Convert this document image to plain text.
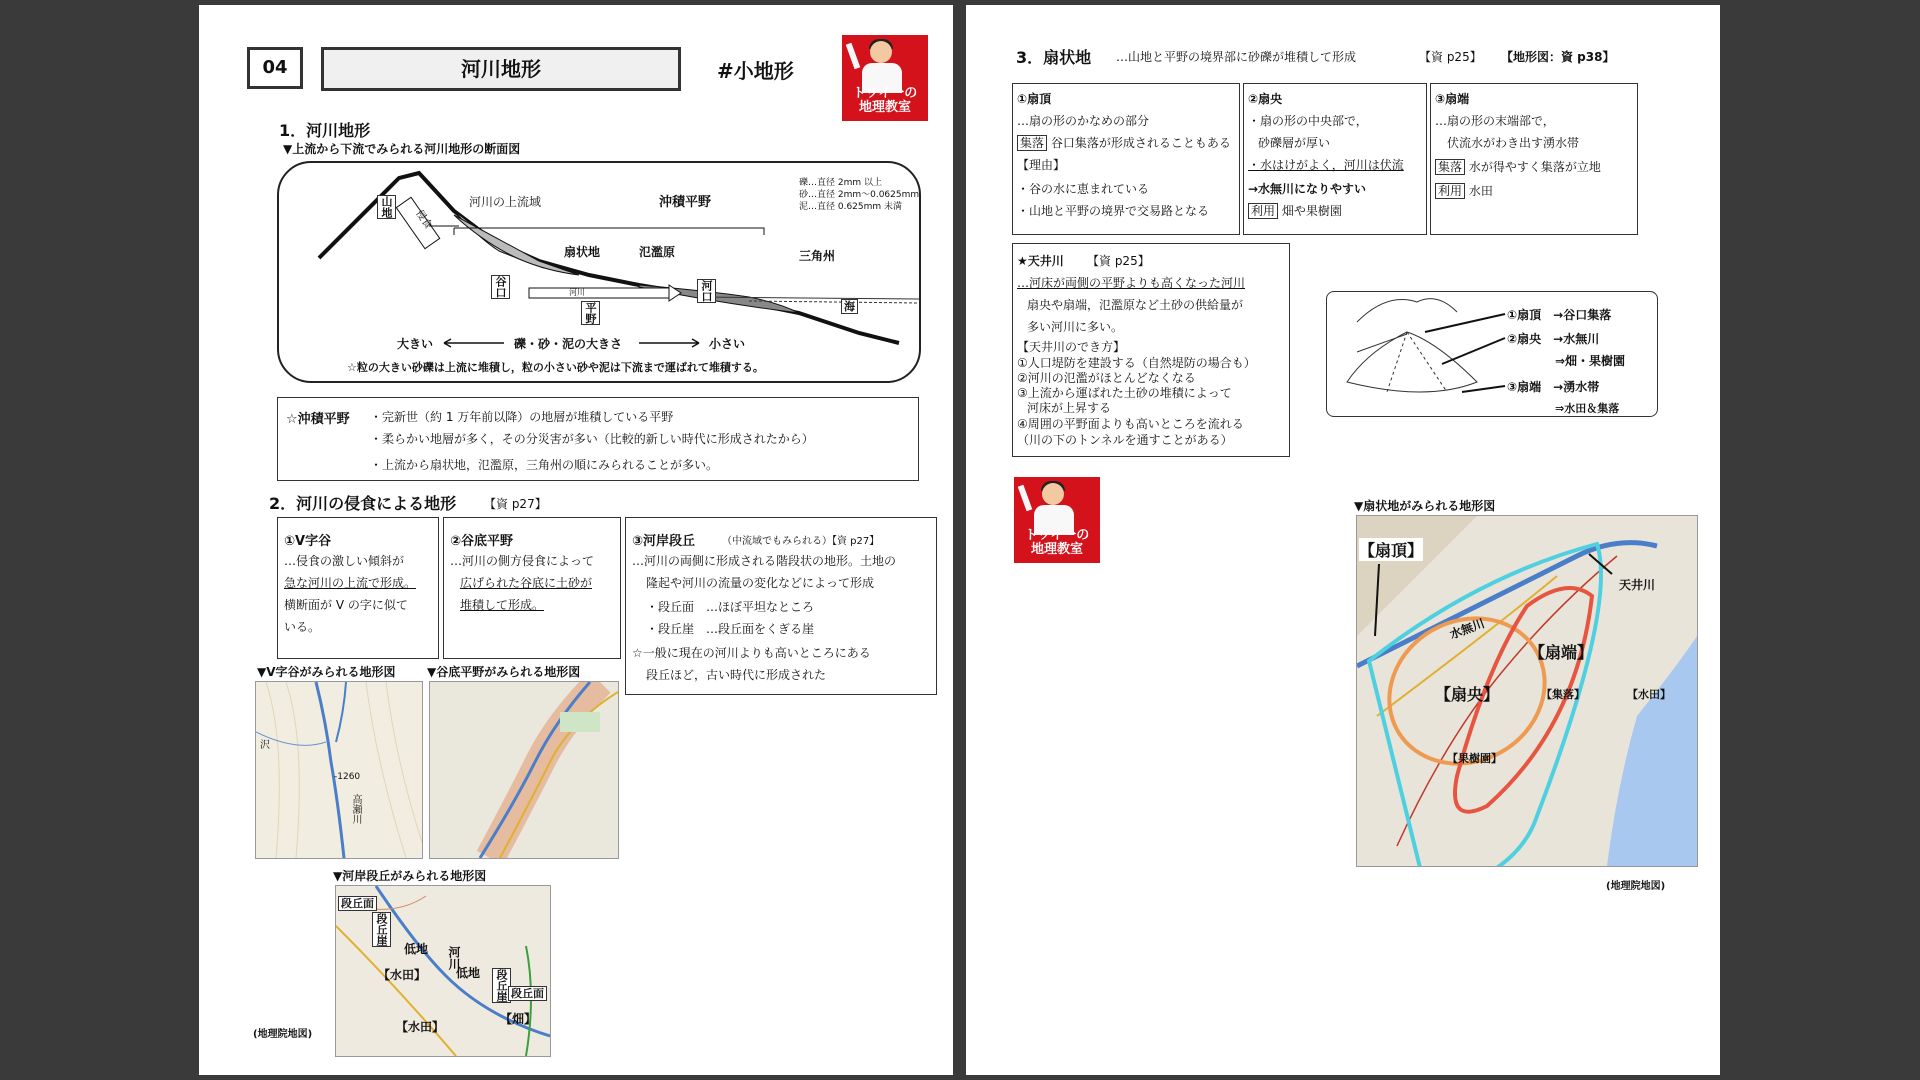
04	河川地形	#小地形
トワイ一の
地理教室
1．河川地形
▼上流から下流でみられる河川地形の断面図
山地
侵食
河川の上流域	沖積平野
礫…直径 2mm 以上
砂…直径 2mm～0.0625mm
泥…直径 0.625mm 未満
扇状地	氾濫原	三角州
谷口	河川
平野
河口
海
大きい	礫・砂・泥の大きさ	小さい
☆粒の大きい砂礫は上流に堆積し，粒の小さい砂や泥は下流まで運ばれて堆積する。
☆沖積平野 ・完新世（約 1 万年前以降）の地層が堆積している平野
・柔らかい地層が多く，その分災害が多い（比較的新しい時代に形成されたから）
・上流から扇状地，氾濫原，三角州の順にみられることが多い。
2．河川の侵食による地形 【資 p27】
①V字谷
…侵食の激しい傾斜が
急な河川の上流で形成。
横断面が V の字に似て
いる。
②谷底平野
…河川の側方侵食によって
広げられた谷底に土砂が
堆積して形成。
③河岸段丘	（中流域でもみられる）【資 p27】
…河川の両側に形成される階段状の地形。土地の
隆起や河川の流量の変化などによって形成
・段丘面　…ほぼ平坦なところ
・段丘崖　…段丘面をくぎる崖
☆一般に現在の河川よりも高いところにある
段丘ほど，古い時代に形成された
▼V字谷がみられる地形図	▼谷底平野がみられる地形図
沢
-1260
高瀬川
▼河岸段丘がみられる地形図
段丘面
段丘崖
低地 河川
低地 段丘崖 段丘面
【水田】
【水田】
【畑】
(地理院地図)
3．扇状地 …山地と平野の境界部に砂礫が堆積して形成	【資 p25】 【地形図：資 p38】
①扇頂
…扇の形のかなめの部分
集落 谷口集落が形成されることもある
【理由】
・谷の水に恵まれている
・山地と平野の境界で交易路となる
②扇央
・扇の形の中央部で，
砂礫層が厚い
・水はけがよく，河川は伏流
→水無川になりやすい
利用 畑や果樹園
③扇端
…扇の形の末端部で，
伏流水がわき出す湧水帯
集落 水が得やすく集落が立地
利用 水田
★天井川 【資 p25】
…河床が両側の平野よりも高くなった河川
扇央や扇端，氾濫原など土砂の供給量が
多い河川に多い。
【天井川のでき方】
①人口堤防を建設する（自然堤防の場合も）
②河川の氾濫がほとんどなくなる
③上流から運ばれた土砂の堆積によって
河床が上昇する
④周囲の平野面よりも高いところを流れる
（川の下のトンネルを通すことがある）
①扇頂　→谷口集落
②扇央　→水無川
⇒畑・果樹園
③扇端　→湧水帯
⇒水田＆集落
トワイ一の
地理教室
▼扇状地がみられる地形図
【扇頂】
天井川
水無川
【扇央】
【扇端】
【集落】	【水田】
【果樹園】
(地理院地図)
